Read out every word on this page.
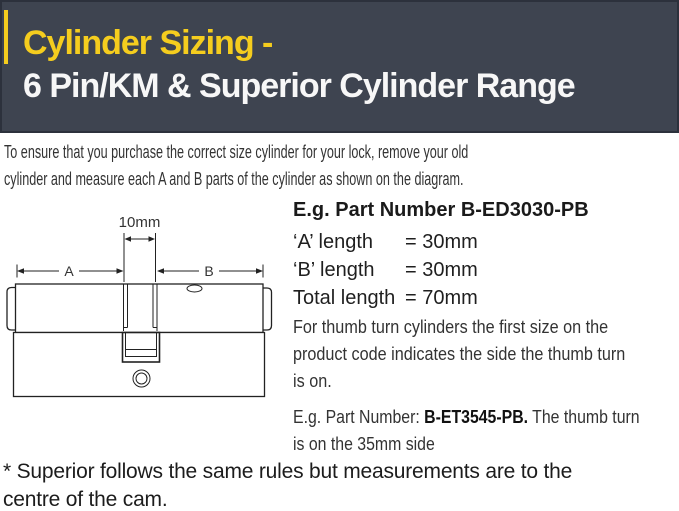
Cylinder Sizing -
6 Pin/KM & Superior Cylinder Range
To ensure that you purchase the correct size cylinder for your lock, remove your old
cylinder and measure each A and B parts of the cylinder as shown on the diagram.
10mm
A	B
E.g. Part Number B-ED3030-PB
‘A’ length	= 30mm
‘B’ length	= 30mm
Total length = 70mm
For thumb turn cylinders the first size on the
product code indicates the side the thumb turn
is on.
E.g. Part Number: B-ET3545-PB. The thumb turn
is on the 35mm side
* Superior follows the same rules but measurements are to the
centre of the cam.
